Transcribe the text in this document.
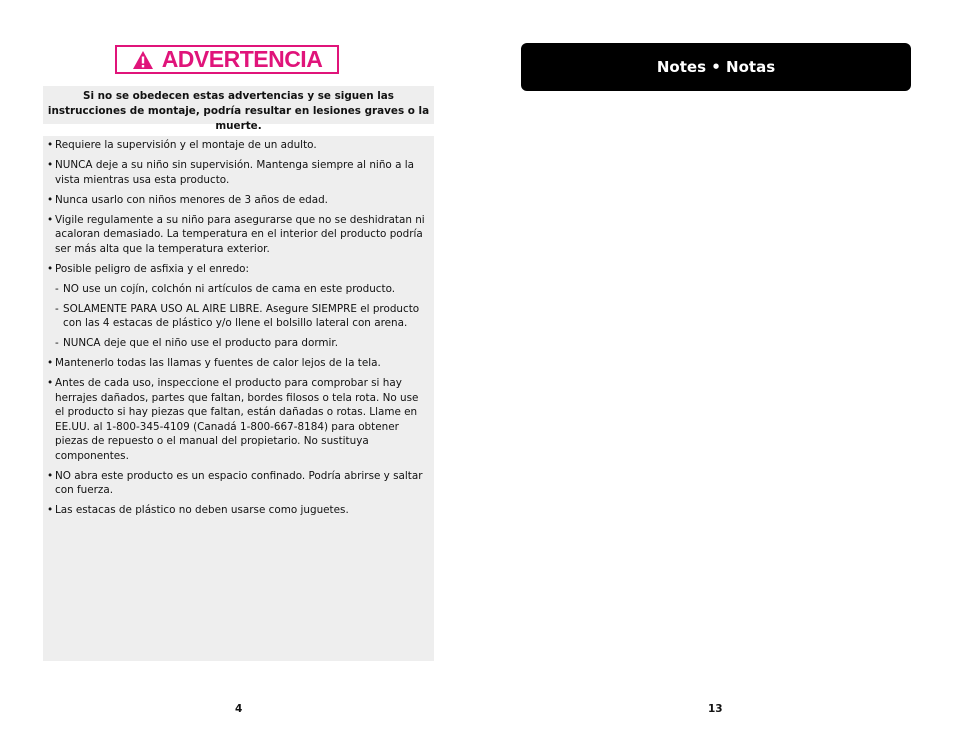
ADVERTENCIA
Si no se obedecen estas advertencias y se siguen las instrucciones de montaje, podría resultar en lesiones graves o la muerte.
• Requiere la supervisión y el montaje de un adulto.
• NUNCA deje a su niño sin supervisión. Mantenga siempre al niño a la vista mientras usa esta producto.
• Nunca usarlo con niños menores de 3 años de edad.
• Vigile regulamente a su niño para asegurarse que no se deshidratan ni acaloran demasiado. La temperatura en el interior del producto podría ser más alta que la temperatura exterior.
• Posible peligro de asfixia y el enredo:
- NO use un cojín, colchón ni artículos de cama en este producto.
- SOLAMENTE PARA USO AL AIRE LIBRE. Asegure SIEMPRE el producto con las 4 estacas de plástico y/o llene el bolsillo lateral con arena.
- NUNCA deje que el niño use el producto para dormir.
• Mantenerlo todas las llamas y fuentes de calor lejos de la tela.
• Antes de cada uso, inspeccione el producto para comprobar si hay herrajes dañados, partes que faltan, bordes filosos o tela rota. No use el producto si hay piezas que faltan, están dañadas o rotas. Llame en EE.UU. al 1-800-345-4109 (Canadá 1-800-667-8184) para obtener piezas de repuesto o el manual del propietario. No sustituya componentes.
• NO abra este producto es un espacio confinado. Podría abrirse y saltar con fuerza.
• Las estacas de plástico no deben usarse como juguetes.
4
Notes • Notas
13
